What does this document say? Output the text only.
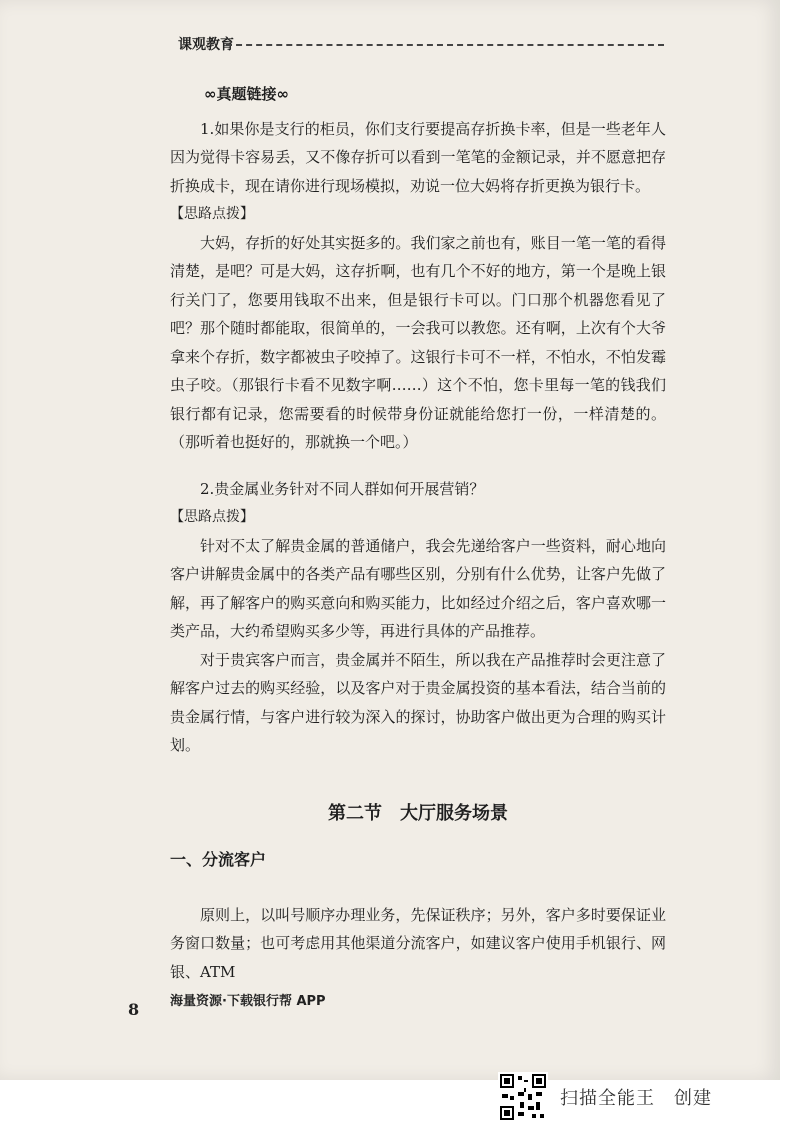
课观教育
∞真题链接∞

1.如果你是支行的柜员，你们支行要提高存折换卡率，但是一些老年人因为觉得卡容易丢，又不像存折可以看到一笔笔的金额记录，并不愿意把存折换成卡，现在请你进行现场模拟，劝说一位大妈将存折更换为银行卡。

【思路点拨】

大妈，存折的好处其实挺多的。我们家之前也有，账目一笔一笔的看得清楚，是吧？可是大妈，这存折啊，也有几个不好的地方，第一个是晚上银行关门了，您要用钱取不出来，但是银行卡可以。门口那个机器您看见了吧？那个随时都能取，很简单的，一会我可以教您。还有啊，上次有个大爷拿来个存折，数字都被虫子咬掉了。这银行卡可不一样，不怕水，不怕发霉虫子咬。（那银行卡看不见数字啊……）这个不怕，您卡里每一笔的钱我们银行都有记录，您需要看的时候带身份证就能给您打一份，一样清楚的。（那听着也挺好的，那就换一个吧。）

2.贵金属业务针对不同人群如何开展营销？

【思路点拨】

针对不太了解贵金属的普通储户，我会先递给客户一些资料，耐心地向客户讲解贵金属中的各类产品有哪些区别，分别有什么优势，让客户先做了解，再了解客户的购买意向和购买能力，比如经过介绍之后，客户喜欢哪一类产品，大约希望购买多少等，再进行具体的产品推荐。

对于贵宾客户而言，贵金属并不陌生，所以我在产品推荐时会更注意了解客户过去的购买经验，以及客户对于贵金属投资的基本看法，结合当前的贵金属行情，与客户进行较为深入的探讨，协助客户做出更为合理的购买计划。

第二节　大厅服务场景
一、分流客户

原则上，以叫号顺序办理业务，先保证秩序；另外，客户多时要保证业务窗口数量；也可考虑用其他渠道分流客户，如建议客户使用手机银行、网银、ATM

海量资源·下载银行帮 APP
8
扫描全能王　创建
